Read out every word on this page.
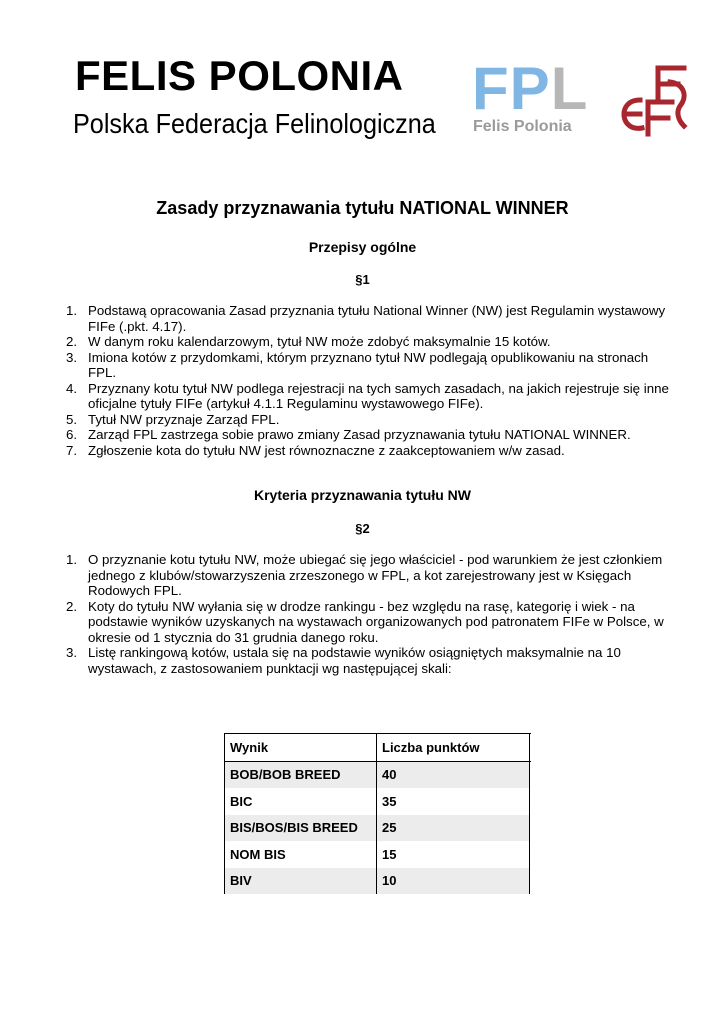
FELIS POLONIA
Polska Federacja Felinologiczna
FPL
Felis Polonia
Zasady przyznawania tytułu NATIONAL WINNER
Przepisy ogólne
§1
1. Podstawą opracowania Zasad przyznania tytułu National Winner (NW) jest Regulamin wystawowy FIFe (.pkt. 4.17).
2. W danym roku kalendarzowym, tytuł NW może zdobyć maksymalnie 15 kotów.
3. Imiona kotów z przydomkami, którym przyznano tytuł NW podlegają opublikowaniu na stronach FPL.
4. Przyznany kotu tytuł NW podlega rejestracji na tych samych zasadach, na jakich rejestruje się inne oficjalne tytuły FIFe (artykuł 4.1.1 Regulaminu wystawowego FIFe).
5. Tytuł NW przyznaje Zarząd FPL.
6. Zarząd FPL zastrzega sobie prawo zmiany Zasad przyznawania tytułu NATIONAL WINNER.
7. Zgłoszenie kota do tytułu NW jest równoznaczne z zaakceptowaniem w/w zasad.
Kryteria przyznawania tytułu NW
§2
1. O przyznanie kotu tytułu NW, może ubiegać się jego właściciel - pod warunkiem że jest członkiem jednego z klubów/stowarzyszenia zrzeszonego w FPL, a kot zarejestrowany jest w Księgach Rodowych FPL.
2. Koty do tytułu NW wyłania się w drodze rankingu - bez względu na rasę, kategorię i wiek - na podstawie wyników uzyskanych na wystawach organizowanych pod patronatem FIFe w Polsce, w okresie od 1 stycznia do 31 grudnia danego roku.
3. Listę rankingową kotów, ustala się na podstawie wyników osiągniętych maksymalnie na 10 wystawach, z zastosowaniem punktacji wg następującej skali:
Wynik	Liczba punktów	
BOB/BOB BREED	40	
BIC	35	
BIS/BOS/BIS BREED	25	
NOM BIS	15	
BIV	10	
